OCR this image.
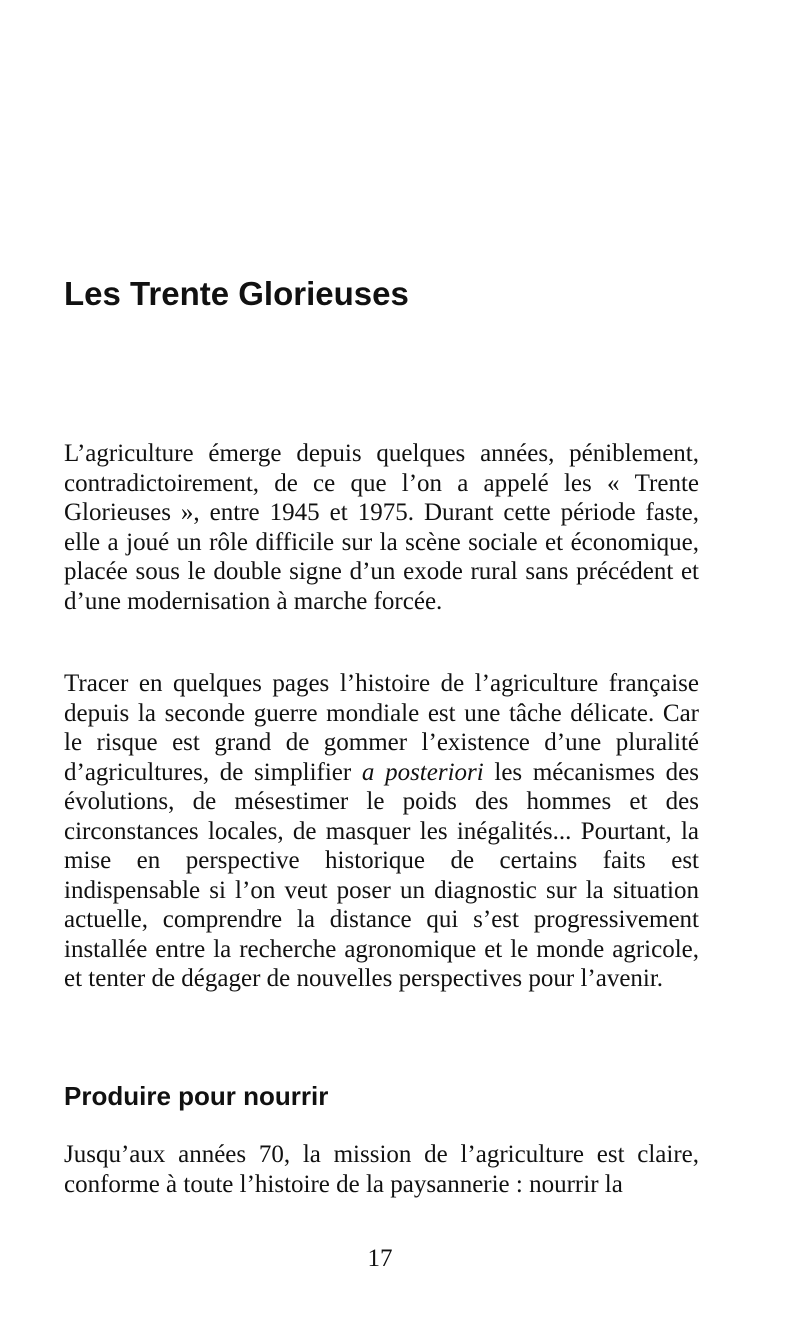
Les Trente Glorieuses

L’agriculture émerge depuis quelques années, péniblement, contradictoirement, de ce que l’on a appelé les « Trente Glorieuses », entre 1945 et 1975. Durant cette période faste, elle a joué un rôle difficile sur la scène sociale et économique, placée sous le double signe d’un exode rural sans précédent et d’une modernisation à marche forcée.

Tracer en quelques pages l’histoire de l’agriculture française depuis la seconde guerre mondiale est une tâche délicate. Car le risque est grand de gommer l’existence d’une pluralité d’agricultures, de simplifier a posteriori les mécanismes des évolutions, de mésestimer le poids des hommes et des circonstances locales, de masquer les inégalités... Pourtant, la mise en perspective historique de certains faits est indispensable si l’on veut poser un diagnostic sur la situation actuelle, comprendre la distance qui s’est progressivement installée entre la recherche agronomique et le monde agricole, et tenter de dégager de nouvelles perspectives pour l’avenir.

Produire pour nourrir

Jusqu’aux années 70, la mission de l’agriculture est claire, conforme à toute l’histoire de la paysannerie : nourrir la

17
